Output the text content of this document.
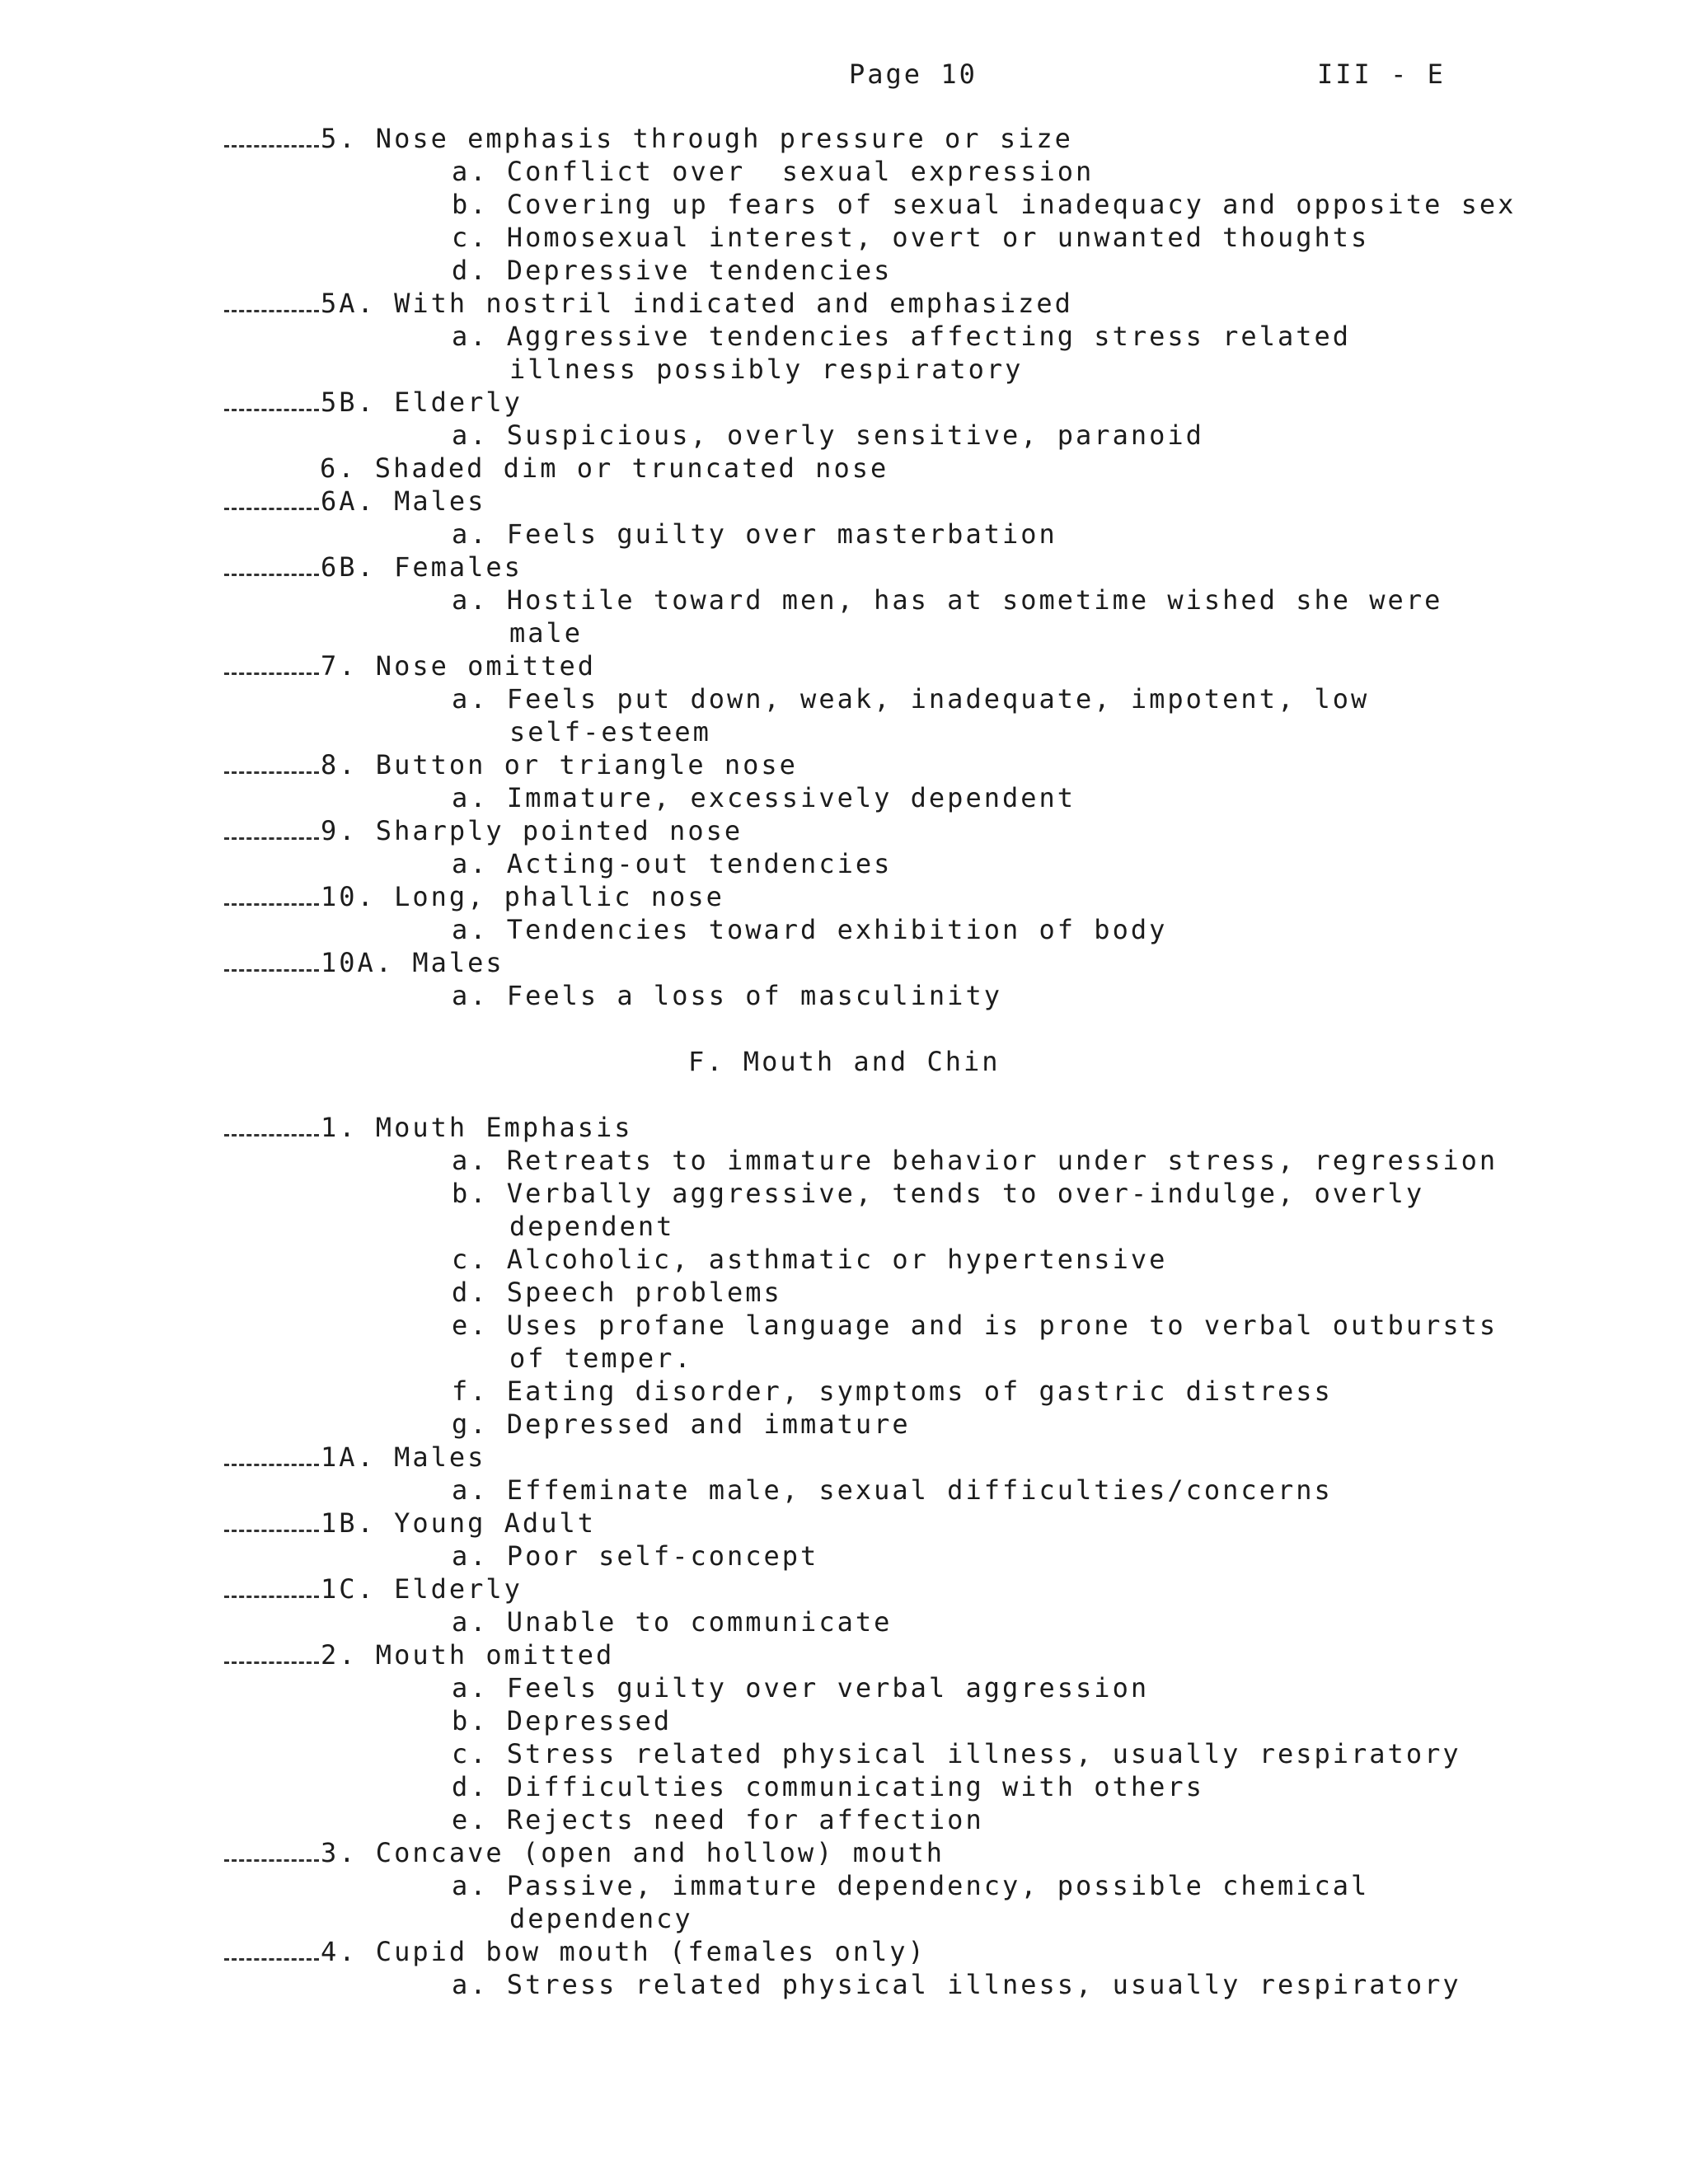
Page 10	III - E
5. Nose emphasis through pressure or size
a. Conflict over  sexual expression
b. Covering up fears of sexual inadequacy and opposite sex
c. Homosexual interest, overt or unwanted thoughts
d. Depressive tendencies
5A. With nostril indicated and emphasized
a. Aggressive tendencies affecting stress related
illness possibly respiratory
5B. Elderly
a. Suspicious, overly sensitive, paranoid
6. Shaded dim or truncated nose
6A. Males
a. Feels guilty over masterbation
6B. Females
a. Hostile toward men, has at sometime wished she were
male
7. Nose omitted
a. Feels put down, weak, inadequate, impotent, low
self-esteem
8. Button or triangle nose
a. Immature, excessively dependent
9. Sharply pointed nose
a. Acting-out tendencies
10. Long, phallic nose
a. Tendencies toward exhibition of body
10A. Males
a. Feels a loss of masculinity
F. Mouth and Chin
1. Mouth Emphasis
a. Retreats to immature behavior under stress, regression
b. Verbally aggressive, tends to over-indulge, overly
dependent
c. Alcoholic, asthmatic or hypertensive
d. Speech problems
e. Uses profane language and is prone to verbal outbursts
of temper.
f. Eating disorder, symptoms of gastric distress
g. Depressed and immature
1A. Males
a. Effeminate male, sexual difficulties/concerns
1B. Young Adult
a. Poor self-concept
1C. Elderly
a. Unable to communicate
2. Mouth omitted
a. Feels guilty over verbal aggression
b. Depressed
c. Stress related physical illness, usually respiratory
d. Difficulties communicating with others
e. Rejects need for affection
3. Concave (open and hollow) mouth
a. Passive, immature dependency, possible chemical
dependency
4. Cupid bow mouth (females only)
a. Stress related physical illness, usually respiratory
